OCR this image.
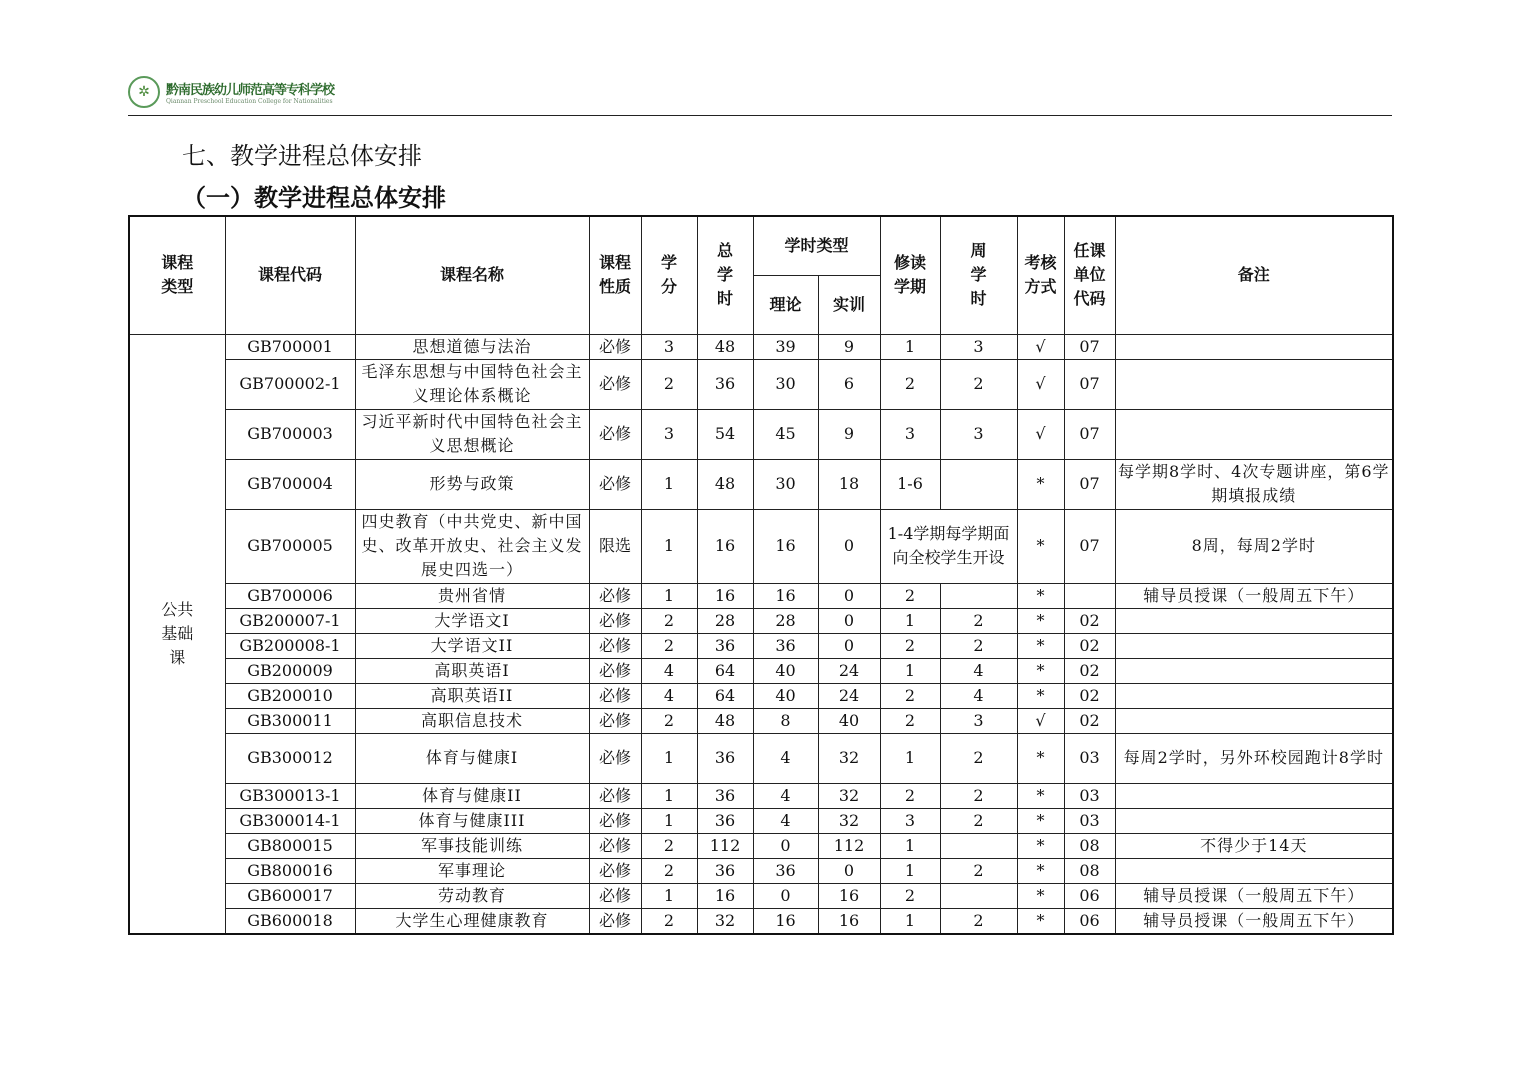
✲	黔南民族幼儿师范高等专科学校
Qiannan Preschool Education College for Nationalities
七、教学进程总体安排
（一）教学进程总体安排
课程类型	课程代码	课程名称	课程性质	学分	总学时	学时类型		修读学期	周学时	考核方式	任课单位代码	备注
						理论	实训					
公共基础课	GB700001	思想道德与法治	必修	3	48	39	9	1	3	√	07	
	GB700002-1	毛泽东思想与中国特色社会主义理论体系概论	必修	2	36	30	6	2	2	√	07	
	GB700003	习近平新时代中国特色社会主义思想概论	必修	3	54	45	9	3	3	√	07	
	GB700004	形势与政策	必修	1	48	30	18	1-6		*	07	每学期8学时、4次专题讲座，第6学期填报成绩
	GB700005	四史教育（中共党史、新中国史、改革开放史、社会主义发展史四选一）	限选	1	16	16	0	1-4学期每学期面向全校学生开设		*	07	8周，每周2学时
	GB700006	贵州省情	必修	1	16	16	0	2		*		辅导员授课（一般周五下午）
	GB200007-1	大学语文I	必修	2	28	28	0	1	2	*	02	
	GB200008-1	大学语文II	必修	2	36	36	0	2	2	*	02	
	GB200009	高职英语I	必修	4	64	40	24	1	4	*	02	
	GB200010	高职英语II	必修	4	64	40	24	2	4	*	02	
	GB300011	高职信息技术	必修	2	48	8	40	2	3	√	02	
	GB300012	体育与健康I	必修	1	36	4	32	1	2	*	03	每周2学时，另外环校园跑计8学时
	GB300013-1	体育与健康II	必修	1	36	4	32	2	2	*	03	
	GB300014-1	体育与健康III	必修	1	36	4	32	3	2	*	03	
	GB800015	军事技能训练	必修	2	112	0	112	1		*	08	不得少于14天
	GB800016	军事理论	必修	2	36	36	0	1	2	*	08	
	GB600017	劳动教育	必修	1	16	0	16	2		*	06	辅导员授课（一般周五下午）
	GB600018	大学生心理健康教育	必修	2	32	16	16	1	2	*	06	辅导员授课（一般周五下午）
